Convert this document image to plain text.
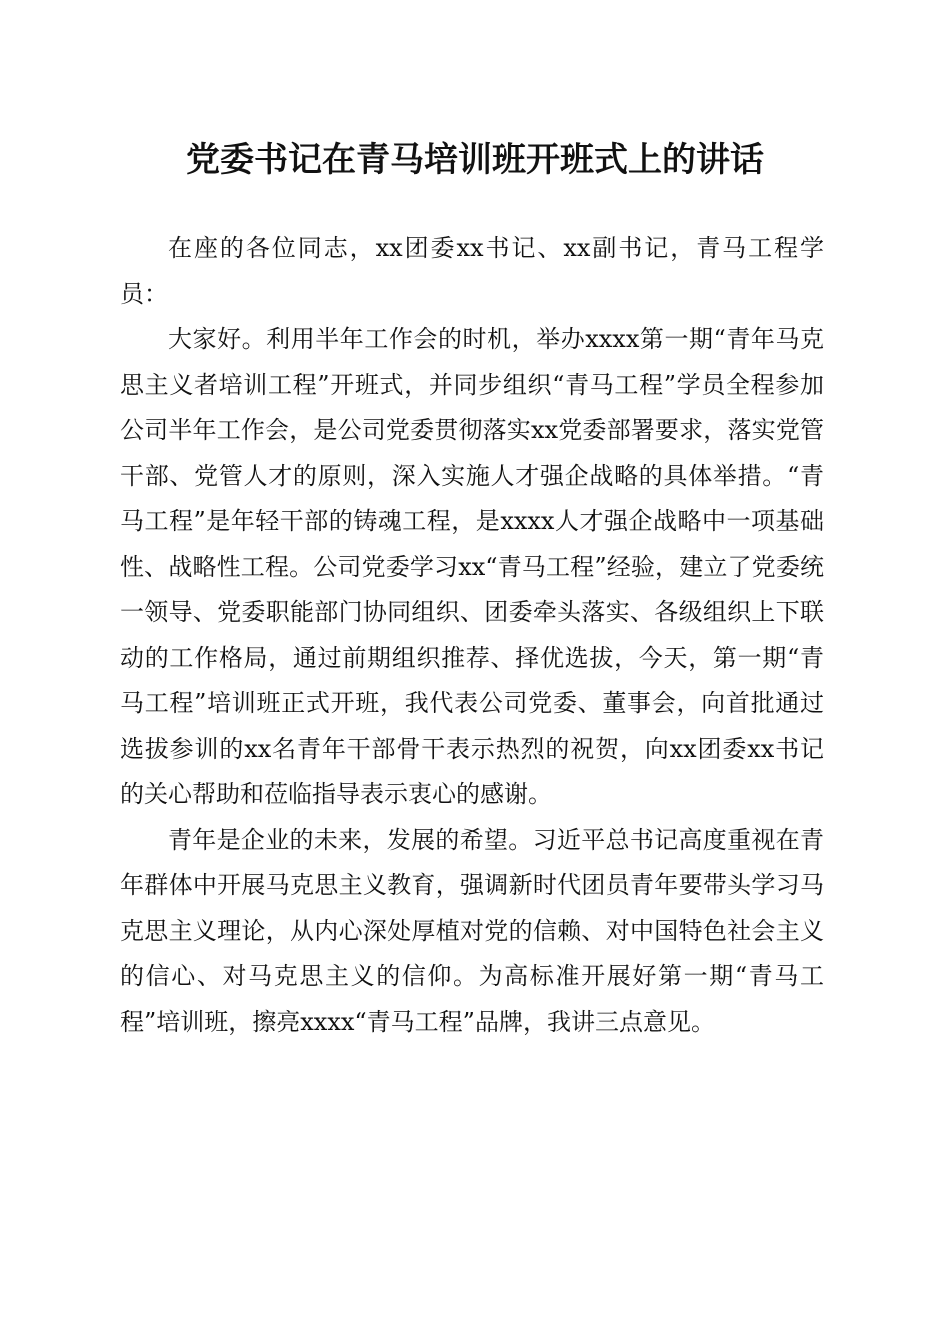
党委书记在青马培训班开班式上的讲话

在座的各位同志，xx团委xx书记、xx副书记，青马工程学员：

大家好。利用半年工作会的时机，举办xxxx第一期“青年马克思主义者培训工程”开班式，并同步组织“青马工程”学员全程参加公司半年工作会，是公司党委贯彻落实xx党委部署要求，落实党管干部、党管人才的原则，深入实施人才强企战略的具体举措。“青马工程”是年轻干部的铸魂工程，是xxxx人才强企战略中一项基础性、战略性工程。公司党委学习xx“青马工程”经验，建立了党委统一领导、党委职能部门协同组织、团委牵头落实、各级组织上下联动的工作格局，通过前期组织推荐、择优选拔，今天，第一期“青马工程”培训班正式开班，我代表公司党委、董事会，向首批通过选拔参训的xx名青年干部骨干表示热烈的祝贺，向xx团委xx书记的关心帮助和莅临指导表示衷心的感谢。

青年是企业的未来，发展的希望。习近平总书记高度重视在青年群体中开展马克思主义教育，强调新时代团员青年要带头学习马克思主义理论，从内心深处厚植对党的信赖、对中国特色社会主义的信心、对马克思主义的信仰。为高标准开展好第一期“青马工程”培训班，擦亮xxxx“青马工程”品牌，我讲三点意见。
